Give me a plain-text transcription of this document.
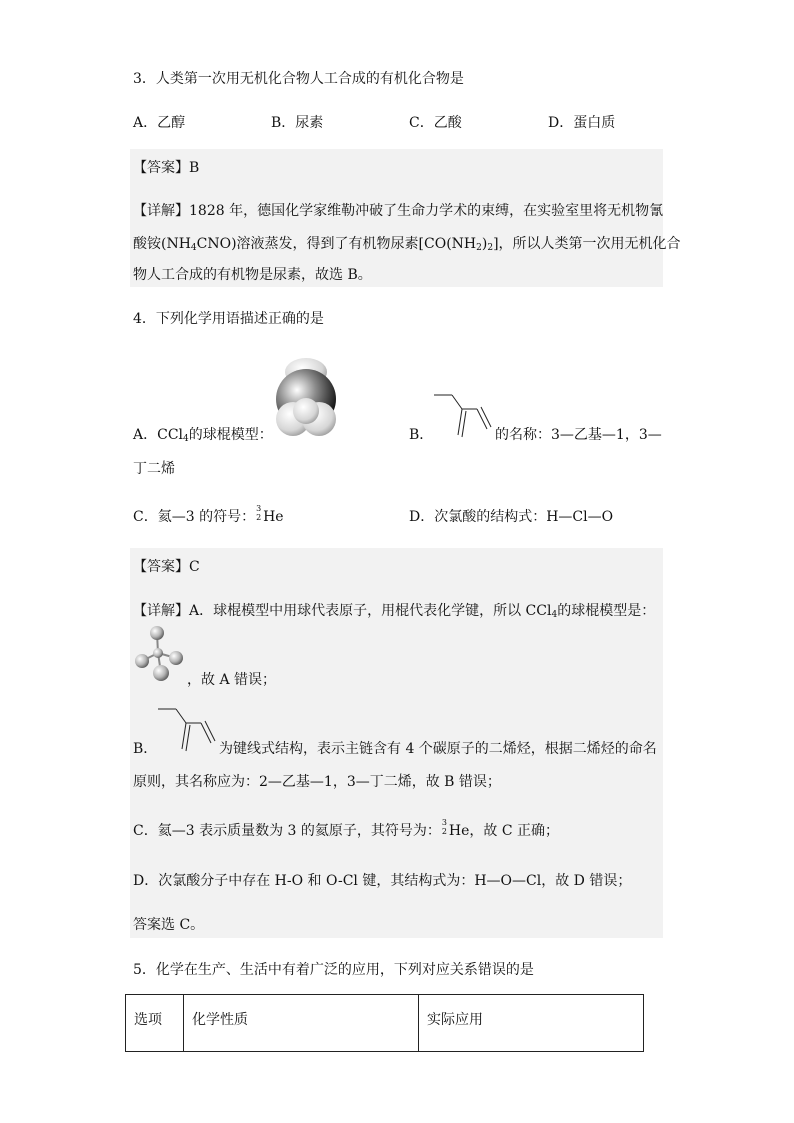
3．人类第一次用无机化合物人工合成的有机化合物是
A．乙醇	B．尿素	C．乙酸	D．蛋白质
【答案】B
【详解】1828 年，德国化学家维勒冲破了生命力学术的束缚，在实验室里将无机物氰
酸铵$(NH_4CNO)$溶液蒸发，得到了有机物尿素$[CO(NH_2)_2]$，所以人类第一次用无机化合
物人工合成的有机物是尿素，故选 B。
4．下列化学用语描述正确的是
A．CCl$_4$的球棍模型：	B．	的名称：3—乙基—1，3—
丁二烯
C．氦—3 的符号：
3
2 He	D．次氯酸的结构式：H—Cl—O
【答案】C
【详解】A．球棍模型中用球代表原子，用棍代表化学键，所以 CCl$_4$的球棍模型是：
，故 A 错误；
B．	为键线式结构，表示主链含有 4 个碳原子的二烯烃，根据二烯烃的命名
原则，其名称应为：2—乙基—1，3—丁二烯，故 B 错误；
C．氦—3 表示质量数为 3 的氦原子，其符号为：
3
2 He，故 C 正确；
D．次氯酸分子中存在 H-O 和 O-Cl 键，其结构式为：H—O—Cl，故 D 错误；
答案选 C。
5．化学在生产、生活中有着广泛的应用，下列对应关系错误的是
选项	化学性质	实际应用
